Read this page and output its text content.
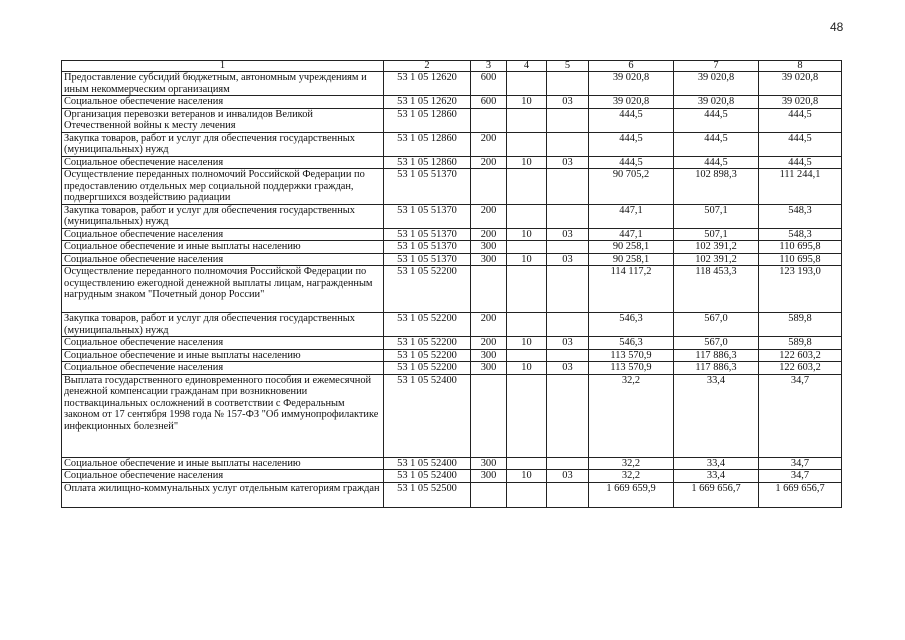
48
1	2	3	4	5	6	7	8
Предоставление субсидий бюджетным, автономным учреждениям и иным некоммерческим организациям	53 1 05 12620	600			39 020,8	39 020,8	39 020,8
Социальное обеспечение населения	53 1 05 12620	600	10	03	39 020,8	39 020,8	39 020,8
Организация перевозки ветеранов и инвалидов Великой Отечественной войны к месту лечения	53 1 05 12860				444,5	444,5	444,5
Закупка товаров, работ и услуг для обеспечения государственных (муниципальных) нужд	53 1 05 12860	200			444,5	444,5	444,5
Социальное обеспечение населения	53 1 05 12860	200	10	03	444,5	444,5	444,5
Осуществление переданных полномочий Российской Федерации по предоставлению отдельных мер социальной поддержки граждан, подвергшихся воздействию радиации	53 1 05 51370				90 705,2	102 898,3	111 244,1
Закупка товаров, работ и услуг для обеспечения государственных (муниципальных) нужд	53 1 05 51370	200			447,1	507,1	548,3
Социальное обеспечение населения	53 1 05 51370	200	10	03	447,1	507,1	548,3
Социальное обеспечение и иные выплаты населению	53 1 05 51370	300			90 258,1	102 391,2	110 695,8
Социальное обеспечение населения	53 1 05 51370	300	10	03	90 258,1	102 391,2	110 695,8
Осуществление переданного полномочия Российской Федерации по осуществлению ежегодной денежной выплаты лицам, награжденным нагрудным знаком "Почетный донор России"	53 1 05 52200				114 117,2	118 453,3	123 193,0
Закупка товаров, работ и услуг для обеспечения государственных (муниципальных) нужд	53 1 05 52200	200			546,3	567,0	589,8
Социальное обеспечение населения	53 1 05 52200	200	10	03	546,3	567,0	589,8
Социальное обеспечение и иные выплаты населению	53 1 05 52200	300			113 570,9	117 886,3	122 603,2
Социальное обеспечение населения	53 1 05 52200	300	10	03	113 570,9	117 886,3	122 603,2
Выплата государственного единовременного пособия и ежемесячной денежной компенсации гражданам при возникновении поствакцинальных осложнений в соответствии с Федеральным законом от 17 сентября 1998 года № 157-ФЗ "Об иммунопрофилактике инфекционных болезней"	53 1 05 52400				32,2	33,4	34,7
Социальное обеспечение и иные выплаты населению	53 1 05 52400	300			32,2	33,4	34,7
Социальное обеспечение населения	53 1 05 52400	300	10	03	32,2	33,4	34,7
Оплата жилищно-коммунальных услуг отдельным категориям граждан	53 1 05 52500				1 669 659,9	1 669 656,7	1 669 656,7
